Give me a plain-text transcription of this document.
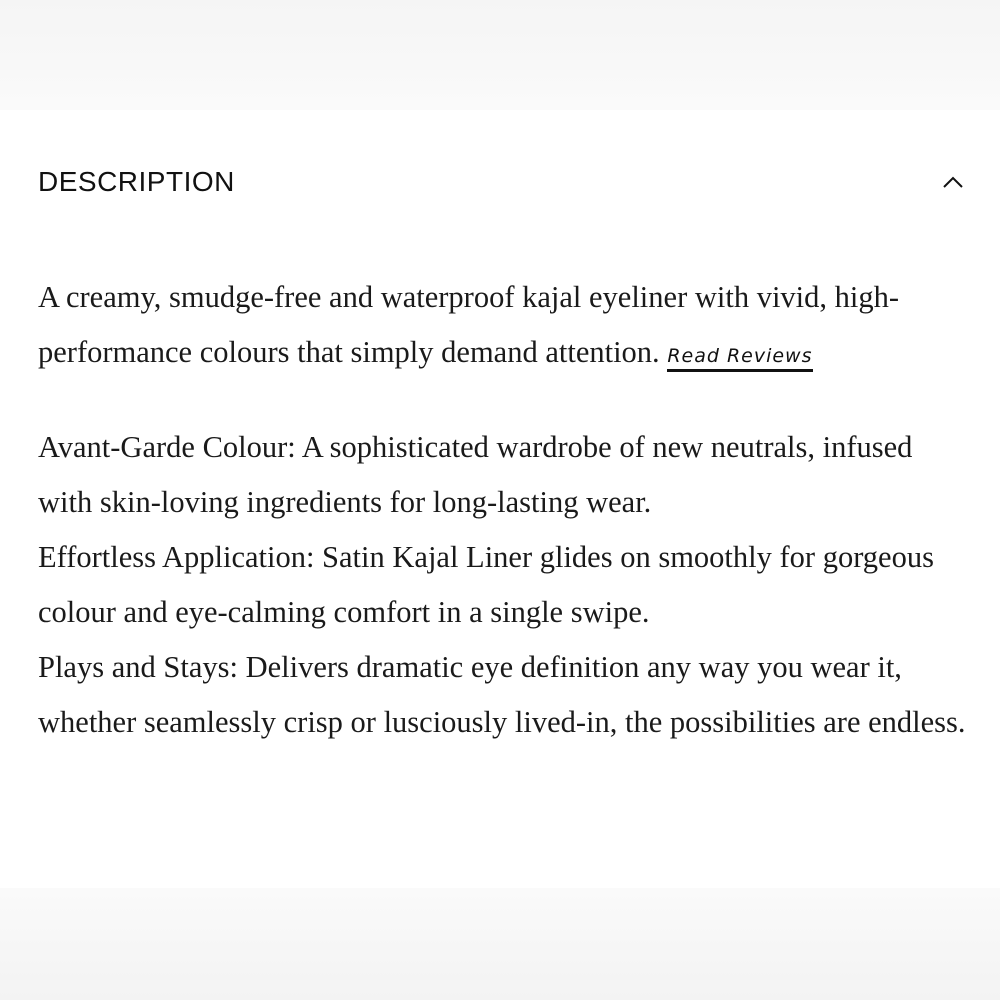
DESCRIPTION

A creamy, smudge-free and waterproof kajal eyeliner with vivid, high-performance colours that simply demand attention. Read Reviews

Avant-Garde Colour: A sophisticated wardrobe of new neutrals, infused with skin-loving ingredients for long-lasting wear.

Effortless Application: Satin Kajal Liner glides on smoothly for gorgeous colour and eye-calming comfort in a single swipe.

Plays and Stays: Delivers dramatic eye definition any way you wear it, whether seamlessly crisp or lusciously lived-in, the possibilities are endless.
